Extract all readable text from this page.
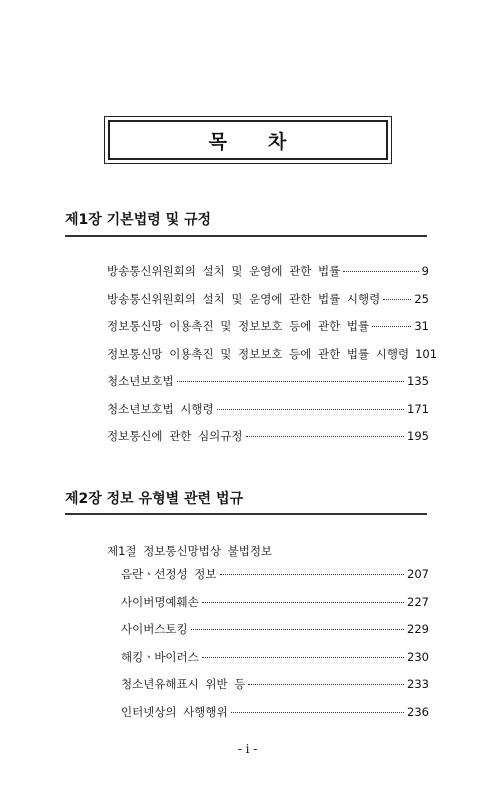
목 차
제1장 기본법령 및 규정
방송통신위원회의 설치 및 운영에 관한 법률	9
방송통신위원회의 설치 및 운영에 관한 법률 시행령	25
정보통신망 이용촉진 및 정보보호 등에 관한 법률	31
정보통신망 이용촉진 및 정보보호 등에 관한 법률 시행령 101
청소년보호법	135
청소년보호법 시행령	171
정보통신에 관한 심의규정	195
제2장 정보 유형별 관련 법규
제1절 정보통신망법상 불법정보
음란ㆍ선정성 정보	207
사이버명예훼손	227
사이버스토킹	229
해킹ㆍ바이러스	230
청소년유해표시 위반 등	233
인터넷상의 사행행위	236
- i -
